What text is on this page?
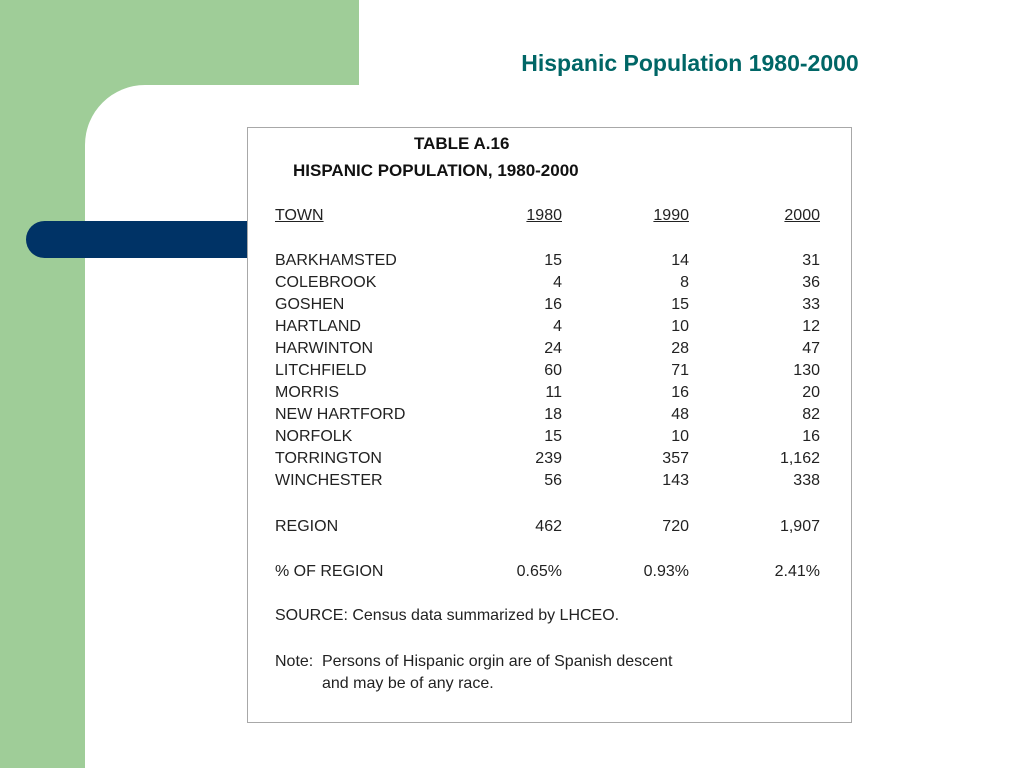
Hispanic Population 1980-2000
TABLE A.16
HISPANIC POPULATION, 1980-2000
TOWN	1980	1990	2000
BARKHAMSTED	15	14	31
COLEBROOK	4	8	36
GOSHEN	16	15	33
HARTLAND	4	10	12
HARWINTON	24	28	47
LITCHFIELD	60	71	130
MORRIS	11	16	20
NEW HARTFORD	18	48	82
NORFOLK	15	10	16
TORRINGTON	239	357	1,162
WINCHESTER	56	143	338
REGION	462	720	1,907
% OF REGION	0.65%	0.93%	2.41%
SOURCE: Census data summarized by LHCEO.
Note: Persons of Hispanic orgin are of Spanish descent
and may be of any race.
